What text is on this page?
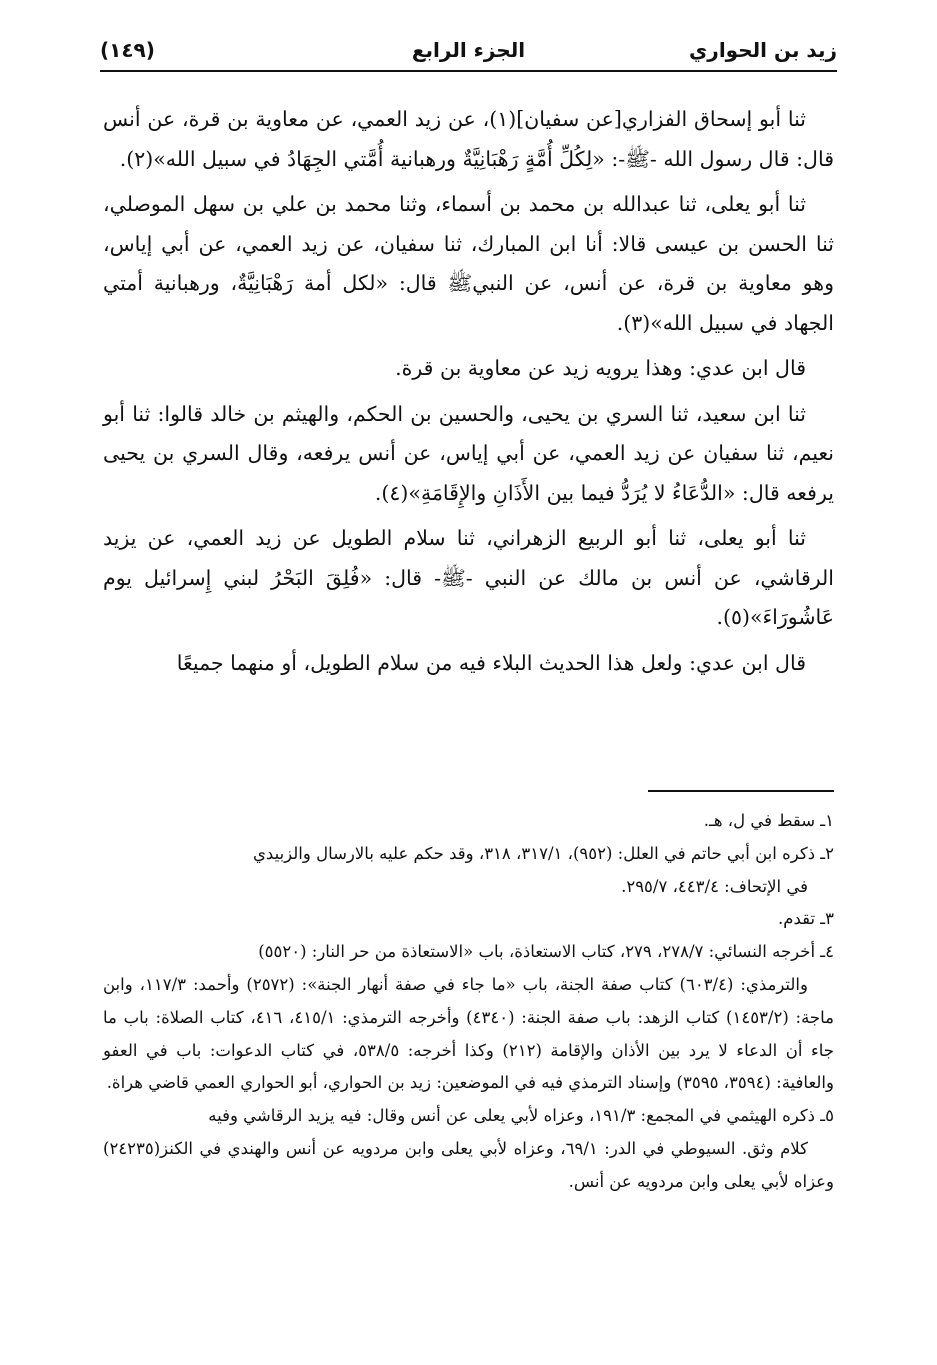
زيد بن الحواري
الجزء الرابع
(١٤٩)

ثنا أبو إسحاق الفزاري[عن سفيان](١)، عن زيد العمي، عن معاوية بن قرة، عن أنس قال: قال رسول الله -ﷺ-: «لِكُلِّ أُمَّةٍ رَهْبَانِيَّةٌ ورهبانية أُمَّتي الجِهَادُ في سبيل الله»(٢).

ثنا أبو يعلى، ثنا عبدالله بن محمد بن أسماء، وثنا محمد بن علي بن سهل الموصلي، ثنا الحسن بن عيسى قالا: أنا ابن المبارك، ثنا سفيان، عن زيد العمي، عن أبي إياس، وهو معاوية بن قرة، عن أنس، عن النبيﷺ قال: «لكل أمة رَهْبَانِيَّةٌ، ورهبانية أمتي الجهاد في سبيل الله»(٣).

قال ابن عدي: وهذا يرويه زيد عن معاوية بن قرة.

ثنا ابن سعيد، ثنا السري بن يحيى، والحسين بن الحكم، والهيثم بن خالد قالوا: ثنا أبو نعيم، ثنا سفيان عن زيد العمي، عن أبي إياس، عن أنس يرفعه، وقال السري بن يحيى يرفعه قال: «الدُّعَاءُ لا يُرَدُّ فيما بين الأَذَانِ والإِقَامَةِ»(٤).

ثنا أبو يعلى، ثنا أبو الربيع الزهراني، ثنا سلام الطويل عن زيد العمي، عن يزيد الرقاشي، عن أنس بن مالك عن النبي -ﷺ- قال: «فُلِقَ البَحْرُ لبني إِسرائيل يوم عَاشُورَاءَ»(٥).

قال ابن عدي: ولعل هذا الحديث البلاء فيه من سلام الطويل، أو منهما جميعًا

١ـ سقط في ل، هـ.

٢ـ ذكره ابن أبي حاتم في العلل: (٩٥٢)، ٣١٧/١، ٣١٨، وقد حكم عليه بالارسال والزبيدي
في الإتحاف: ٤٤٣/٤، ٢٩٥/٧.

٣ـ تقدم.

٤ـ أخرجه النسائي: ٢٧٨/٧، ٢٧٩، كتاب الاستعاذة، باب «الاستعاذة من حر النار: (٥٥٢٠)
والترمذي: (٦٠٣/٤) كتاب صفة الجنة، باب «ما جاء في صفة أنهار الجنة»: (٢٥٧٢) وأحمد: ١١٧/٣، وابن ماجة: (١٤٥٣/٢) كتاب الزهد: باب صفة الجنة: (٤٣٤٠) وأخرجه الترمذي: ٤١٥/١، ٤١٦، كتاب الصلاة: باب ما جاء أن الدعاء لا يرد بين الأذان والإقامة (٢١٢) وكذا أخرجه: ٥٣٨/٥، في كتاب الدعوات: باب في العفو والعافية: (٣٥٩٤، ٣٥٩٥) وإسناد الترمذي فيه في الموضعين: زيد بن الحواري، أبو الحواري العمي قاضي هراة.

٥ـ ذكره الهيثمي في المجمع: ١٩١/٣، وعزاه لأبي يعلى عن أنس وقال: فيه يزيد الرقاشي وفيه
كلام وثق. السيوطي في الدر: ٦٩/١، وعزاه لأبي يعلى وابن مردويه عن أنس والهندي في الكنز(٢٤٢٣٥) وعزاه لأبي يعلى وابن مردويه عن أنس.
